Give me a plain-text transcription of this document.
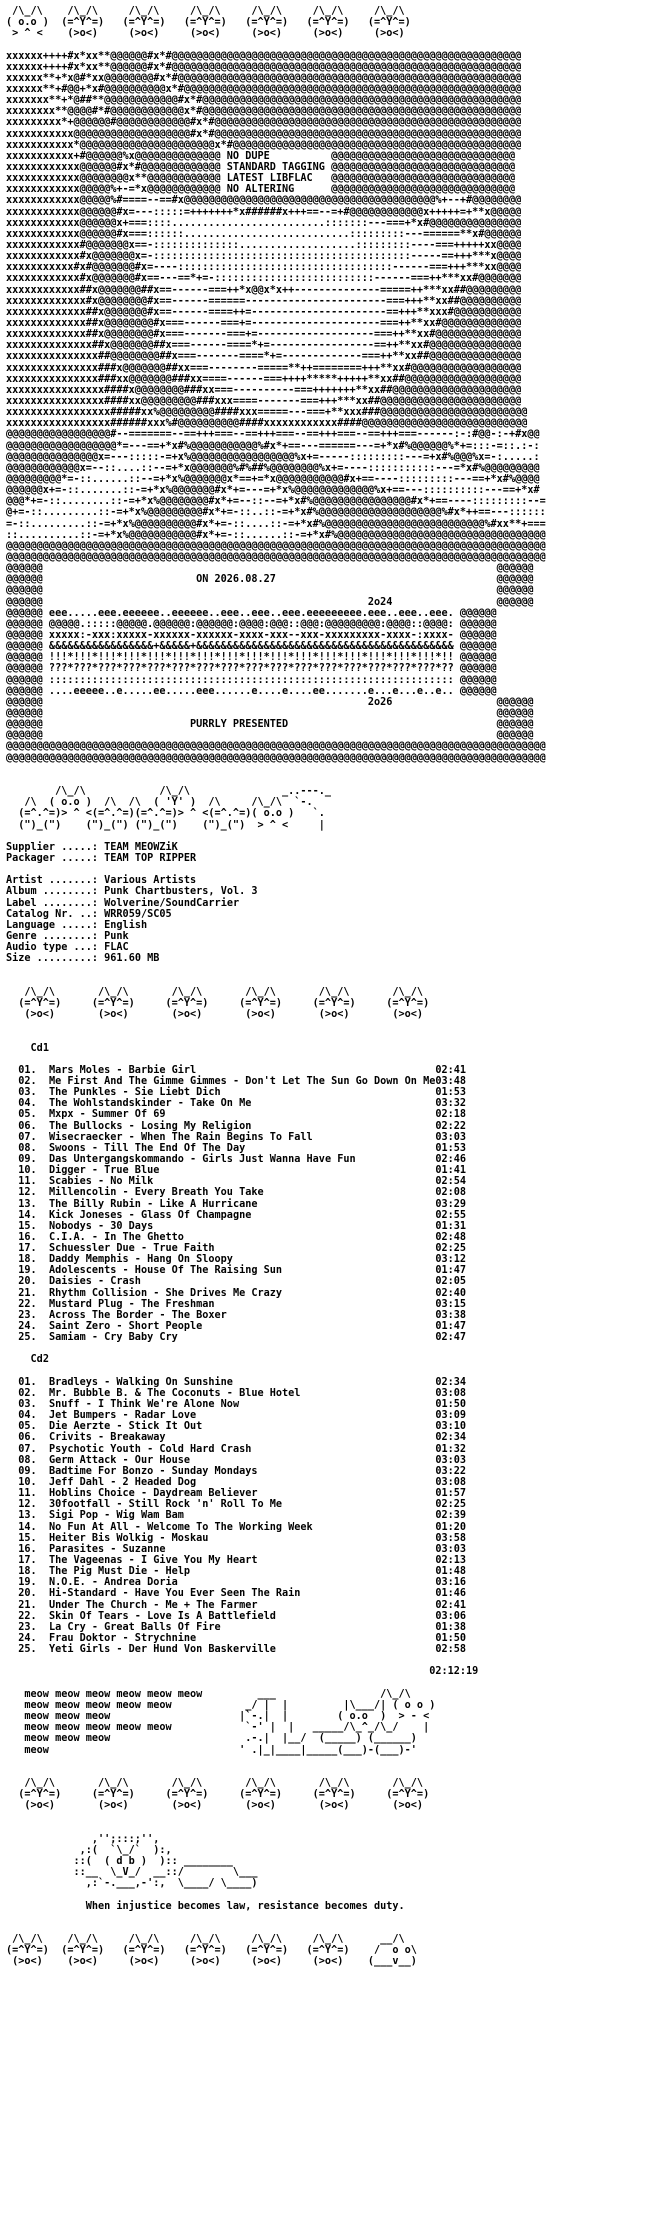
/\_/\    /\_/\     /\_/\     /\_/\     /\_/\     /\_/\     /\_/\
( o.o )  (=^Y^=)   (=^Y^=)   (=^Y^=)   (=^Y^=)   (=^Y^=)   (=^Y^=)
> ^ <    (>o<)     (>o<)     (>o<)     (>o<)     (>o<)     (>o<)

xxxxxx++++#x*xx**@@@@@@#x*#@@@@@@@@@@@@@@@@@@@@@@@@@@@@@@@@@@@@@@@@@@@@@@@@@@@@@@@@@
xxxxxx++++#x*xx**@@@@@@#x*#@@@@@@@@@@@@@@@@@@@@@@@@@@@@@@@@@@@@@@@@@@@@@@@@@@@@@@@@@
xxxxxx**+*x@#*xx@@@@@@@@#x*#@@@@@@@@@@@@@@@@@@@@@@@@@@@@@@@@@@@@@@@@@@@@@@@@@@@@@@@@
xxxxxx**+#@@+*x#@@@@@@@@@@x*#@@@@@@@@@@@@@@@@@@@@@@@@@@@@@@@@@@@@@@@@@@@@@@@@@@@@@@@
xxxxxxx**+*@##**@@@@@@@@@@@@#x*#@@@@@@@@@@@@@@@@@@@@@@@@@@@@@@@@@@@@@@@@@@@@@@@@@@@@
xxxxxxxx**@@@@#*#@@@@@@@@@@@@x*#@@@@@@@@@@@@@@@@@@@@@@@@@@@@@@@@@@@@@@@@@@@@@@@@@@@@
xxxxxxxxx*+@@@@@@#@@@@@@@@@@@@#x*#@@@@@@@@@@@@@@@@@@@@@@@@@@@@@@@@@@@@@@@@@@@@@@@@@@
xxxxxxxxxxx@@@@@@@@@@@@@@@@@@@#x*#@@@@@@@@@@@@@@@@@@@@@@@@@@@@@@@@@@@@@@@@@@@@@@@@@@
xxxxxxxxxxx*@@@@@@@@@@@@@@@@@@@@@@x*#@@@@@@@@@@@@@@@@@@@@@@@@@@@@@@@@@@@@@@@@@@@@@@@
xxxxxxxxxxx+#@@@@@@%x@@@@@@@@@@@@@@ NO DUPE          @@@@@@@@@@@@@@@@@@@@@@@@@@@@@@
xxxxxxxxxxxx@@@@@@#x*#@@@@@@@@@@@@@ STANDARD TAGGING @@@@@@@@@@@@@@@@@@@@@@@@@@@@@@
xxxxxxxxxxxx@@@@@@@@x**@@@@@@@@@@@@ LATEST LIBFLAC   @@@@@@@@@@@@@@@@@@@@@@@@@@@@@@
xxxxxxxxxxxx@@@@@%+-=*x@@@@@@@@@@@@ NO ALTERING      @@@@@@@@@@@@@@@@@@@@@@@@@@@@@@
xxxxxxxxxxxx@@@@@%#====--==#x@@@@@@@@@@@@@@@@@@@@@@@@@@@@@@@@@@@@@@@@@%+--+#@@@@@@@@
xxxxxxxxxxxx@@@@@@#x=---:::::=+++++++*x######x+++==--=+#@@@@@@@@@@@@x+++++=+**x@@@@@
xxxxxxxxxxxx@@@@@@x+===::::.........................:::::::---===+*x#@@@@@@@@@@@@@@@
xxxxxxxxxxxx@@@@@@#x===::::::...........................:::::::::---======**x#@@@@@@
xxxxxxxxxxxx#@@@@@@@x==-::::::::::::::...................:::::::::----===+++++xx@@@@
xxxxxxxxxxxx#x@@@@@@@x=-::::::::::::::::::::::::::::::::::::::::::-----==+++***x@@@@
xxxxxxxxxxx#x#@@@@@@@#x=----:::::::::::::::::::::::::::::::::::------===+++***xx@@@@
xxxxxxxxxxxx#x@@@@@@@#x==---==*+=-::::::::::::::::::::::::::------===++***xx#@@@@@@@
xxxxxxxxxxxx##x@@@@@@@##x==------===++*x@@x*x++--------------=====++***xx##@@@@@@@@@
xxxxxxxxxxxxx#x@@@@@@@@#x==------======-----------------------===+++**xx##@@@@@@@@@@
xxxxxxxxxxxxx##x@@@@@@@#x==------====++=----------------------==+++**xxx#@@@@@@@@@@@
xxxxxxxxxxxxx##x@@@@@@@@#x===------===+=---------------------===++**xx#@@@@@@@@@@@@@
xxxxxxxxxxxxx##x@@@@@@@@#x===-------===+=-------------------===++**xx#@@@@@@@@@@@@@@
xxxxxxxxxxxxxx##x@@@@@@@##x===------====*+=-----------------==++**xx#@@@@@@@@@@@@@@@
xxxxxxxxxxxxxxx##@@@@@@@@##x===-------====*+=-------------===++**xx##@@@@@@@@@@@@@@@
xxxxxxxxxxxxxxx###x@@@@@@@##xx===--------=====**++========+++**xx#@@@@@@@@@@@@@@@@@@
xxxxxxxxxxxxxxx###xx@@@@@@@###xx====------===++++*****+++++**xx##@@@@@@@@@@@@@@@@@@@
xxxxxxxxxxxxxxxx####x@@@@@@@@###xx===----------===+++++++**xx##@@@@@@@@@@@@@@@@@@@@@
xxxxxxxxxxxxxxxx####xx@@@@@@@@@###xxx====-------===+++***xx##@@@@@@@@@@@@@@@@@@@@@@@
xxxxxxxxxxxxxxxxx#####xx%@@@@@@@@@####xxx=====---===+**xxx###@@@@@@@@@@@@@@@@@@@@@@@@
xxxxxxxxxxxxxxxxx######xxx%#@@@@@@@@@@####xxxxxxxxxxxx####@@@@@@@@@@@@@@@@@@@@@@@@@@@
@@@@@@@@@@@@@@@@@#--=======--==+++===--==+++===--==+++===--==+++===------:-:#@@-:-+#x@@
@@@@@@@@@@@@@@@@@@*=---==+*x#%@@@@@@@@@@@%#x*+==---======---=+*x#%@@@@@@%*+=:::-=::.:-:
@@@@@@@@@@@@@@@x=---:::::-=+x%@@@@@@@@@@@@@@@@@%x+=-----:::::::::---=+x#%@@@%x=-:.....:
@@@@@@@@@@@@x=--::....::--=+*x@@@@@@@%#%##%@@@@@@@@%x+=----:::::::::::---=*x#%@@@@@@@@@
@@@@@@@@@*=-::......::--=+*x%@@@@@@@x*==+=*x@@@@@@@@@@@#x+==----:::::::::---==+*x#%@@@@
@@@@@@x+=-::.......::-=+*x%@@@@@@@#x*+=---=+*x%@@@@@@@@@@@@@%x+==---::::::::::---==+*x#
@@@*+=-::........::-=+*x%@@@@@@@@#x*+=--::--=+*x#%@@@@@@@@@@@@@@@@#x*+==----:::::::::--=
@+=-::.........::-=+*x%@@@@@@@@@#x*+=-::..::-=+*x#%@@@@@@@@@@@@@@@@@@@@%#x*++==---::::::
=-::.........::-=+*x%@@@@@@@@@@#x*+=-::....::-=+*x#%@@@@@@@@@@@@@@@@@@@@@@@@@@%#xx**+===
::..........::-=+*x%@@@@@@@@@@@#x*+=-::......::-=+*x#%@@@@@@@@@@@@@@@@@@@@@@@@@@@@@@@@@@
@@@@@@@@@@@@@@@@@@@@@@@@@@@@@@@@@@@@@@@@@@@@@@@@@@@@@@@@@@@@@@@@@@@@@@@@@@@@@@@@@@@@@@@@
@@@@@@@@@@@@@@@@@@@@@@@@@@@@@@@@@@@@@@@@@@@@@@@@@@@@@@@@@@@@@@@@@@@@@@@@@@@@@@@@@@@@@@@@
@@@@@@                                                                          @@@@@@
@@@@@@                         ON 2026.08.27                                    @@@@@@
@@@@@@                                                                          @@@@@@
@@@@@@                                                     2o24                 @@@@@@
@@@@@@ eee.....eee.eeeeee..eeeeee..eee..eee..eee.eeeeeeeee.eee..eee..eee. @@@@@@
@@@@@@ @@@@@.:::::@@@@@.@@@@@@:@@@@@@:@@@@:@@@::@@@:@@@@@@@@@:@@@@::@@@@: @@@@@@
@@@@@@ xxxxx:-xxx:xxxxx-xxxxxx-xxxxxx-xxxx-xxx--xxx-xxxxxxxxx-xxxx-:xxxx- @@@@@@
@@@@@@ &&&&&&&&&&&&&&&&&+&&&&&+&&&&&&&&&&&&&&&&&&&&&&&&&&&&&&&&&&&&&&&&&& @@@@@@
@@@@@@ !!!*!!!*!!!*!!!*!!!*!!!*!!!*!!!*!!!*!!!*!!!*!!!*!!!*!!!*!!!*!!!*!! @@@@@@
@@@@@@ ???*???*???*???*???*???*???*???*???*???*???*???*???*???*???*???*?? @@@@@@
@@@@@@ :::::::::::::::::::::::::::::::::::::::::::::::::::::::::::::::::: @@@@@@
@@@@@@ ....eeeee..e.....ee.....eee......e....e....ee.......e...e...e..e.. @@@@@@
@@@@@@                                                     2o26                 @@@@@@
@@@@@@                                                                          @@@@@@
@@@@@@                        PURRLY PRESENTED                                  @@@@@@
@@@@@@                                                                          @@@@@@
@@@@@@@@@@@@@@@@@@@@@@@@@@@@@@@@@@@@@@@@@@@@@@@@@@@@@@@@@@@@@@@@@@@@@@@@@@@@@@@@@@@@@@@@
@@@@@@@@@@@@@@@@@@@@@@@@@@@@@@@@@@@@@@@@@@@@@@@@@@@@@@@@@@@@@@@@@@@@@@@@@@@@@@@@@@@@@@@@

/\_/\            /\_/\               _..---._
/\  ( o.o )  /\  /\  ( 'Y' )  /\     /\_/\  `-.
(=^.^=)> ^ <(=^.^=)(=^.^=)> ^ <(=^.^=)( o.o )   `.
(")_(")    (")_(") (")_(")    (")_(")  > ^ <     |

Supplier .....: TEAM MEOWZiK
Packager .....: TEAM TOP RIPPER
Artist .......: Various Artists
Album ........: Punk Chartbusters, Vol. 3
Label ........: Wolverine/SoundCarrier
Catalog Nr. ..: WRR059/SC05
Language .....: English
Genre ........: Punk
Audio type ...: FLAC
Size .........: 961.60 MB

/\_/\       /\_/\       /\_/\       /\_/\       /\_/\       /\_/\
(=^Y^=)     (=^Y^=)     (=^Y^=)     (=^Y^=)     (=^Y^=)     (=^Y^=)
(>o<)       (>o<)       (>o<)       (>o<)       (>o<)       (>o<)

Cd1

01.  Mars Moles - Barbie Girl                                       02:41
02.  Me First And The Gimme Gimmes - Don't Let The Sun Go Down On Me03:48
03.  The Punkles - Sie Liebt Dich                                   01:53
04.  The Wohlstandskinder - Take On Me                              03:32
05.  Mxpx - Summer Of 69                                            02:18
06.  The Bullocks - Losing My Religion                              02:22
07.  Wisecraecker - When The Rain Begins To Fall                    03:03
08.  Swoons - Till The End Of The Day                               01:53
09.  Das Untergangskommando - Girls Just Wanna Have Fun             02:46
10.  Digger - True Blue                                             01:41
11.  Scabies - No Milk                                              02:54
12.  Millencolin - Every Breath You Take                            02:08
13.  The Billy Rubin - Like A Hurricane                             03:29
14.  Kick Joneses - Glass Of Champagne                              02:55
15.  Nobodys - 30 Days                                              01:31
16.  C.I.A. - In The Ghetto                                         02:48
17.  Schuessler Due - True Faith                                    02:25
18.  Daddy Memphis - Hang On Sloopy                                 03:12
19.  Adolescents - House Of The Raising Sun                         01:47
20.  Daisies - Crash                                                02:05
21.  Rhythm Collision - She Drives Me Crazy                         02:40
22.  Mustard Plug - The Freshman                                    03:15
23.  Across The Border - The Boxer                                  03:38
24.  Saint Zero - Short People                                      01:47
25.  Samiam - Cry Baby Cry                                          02:47

Cd2

01.  Bradleys - Walking On Sunshine                                 02:34
02.  Mr. Bubble B. & The Coconuts - Blue Hotel                      03:08
03.  Snuff - I Think We're Alone Now                                01:50
04.  Jet Bumpers - Radar Love                                       03:09
05.  Die Aerzte - Stick It Out                                      03:10
06.  Crivits - Breakaway                                            02:34
07.  Psychotic Youth - Cold Hard Crash                              01:32
08.  Germ Attack - Our House                                        03:03
09.  Badtime For Bonzo - Sunday Mondays                             03:22
10.  Jeff Dahl - 2 Headed Dog                                       03:08
11.  Hoblins Choice - Daydream Believer                             01:57
12.  30footfall - Still Rock 'n' Roll To Me                         02:25
13.  Sigi Pop - Wig Wam Bam                                         02:39
14.  No Fun At All - Welcome To The Working Week                    01:20
15.  Heiter Bis Wolkig - Moskau                                     03:58
16.  Parasites - Suzanne                                            03:03
17.  The Vageenas - I Give You My Heart                             02:13
18.  The Pig Must Die - Help                                        01:48
19.  N.O.E. - Andrea Doria                                          03:16
20.  Hi-Standard - Have You Ever Seen The Rain                      01:46
21.  Under The Church - Me + The Farmer                             02:41
22.  Skin Of Tears - Love Is A Battlefield                          03:06
23.  La Cry - Great Balls Of Fire                                   01:38
24.  Frau Doktor - Strychnine                                       01:50
25.  Yeti Girls - Der Hund Von Baskerville                          02:58

02:12:19

meow meow meow meow meow meow         ___                 /\_/\
meow meow meow meow meow            _/ |  |         |\___/| ( o o )
meow meow meow                     |`-.|  |        ( o.o  )  > - <
meow meow meow meow meow            `-' |  |   _____/\_^_/\_/    |
meow meow meow                      .-.|  |__/  (_____) (______)
meow                               ' .|_|____|_____(___)-(___)-'

/\_/\       /\_/\       /\_/\       /\_/\       /\_/\       /\_/\
(=^Y^=)     (=^Y^=)     (=^Y^=)     (=^Y^=)     (=^Y^=)     (=^Y^=)
(>o<)       (>o<)       (>o<)       (>o<)       (>o<)       (>o<)

,'';:::;'',
,:(  `\_/`  ):,
::(  ( d b )  ):: ________
::__  \_V_/  __::/        \___
,:`-.___,-':,  \____/ \____)

When injustice becomes law, resistance becomes duty.

/\_/\    /\_/\     /\_/\     /\_/\     /\_/\     /\_/\      __/\
(=^Y^=)  (=^Y^=)   (=^Y^=)   (=^Y^=)   (=^Y^=)   (=^Y^=)    /  o o\
(>o<)    (>o<)     (>o<)     (>o<)     (>o<)     (>o<)    (___v__)
